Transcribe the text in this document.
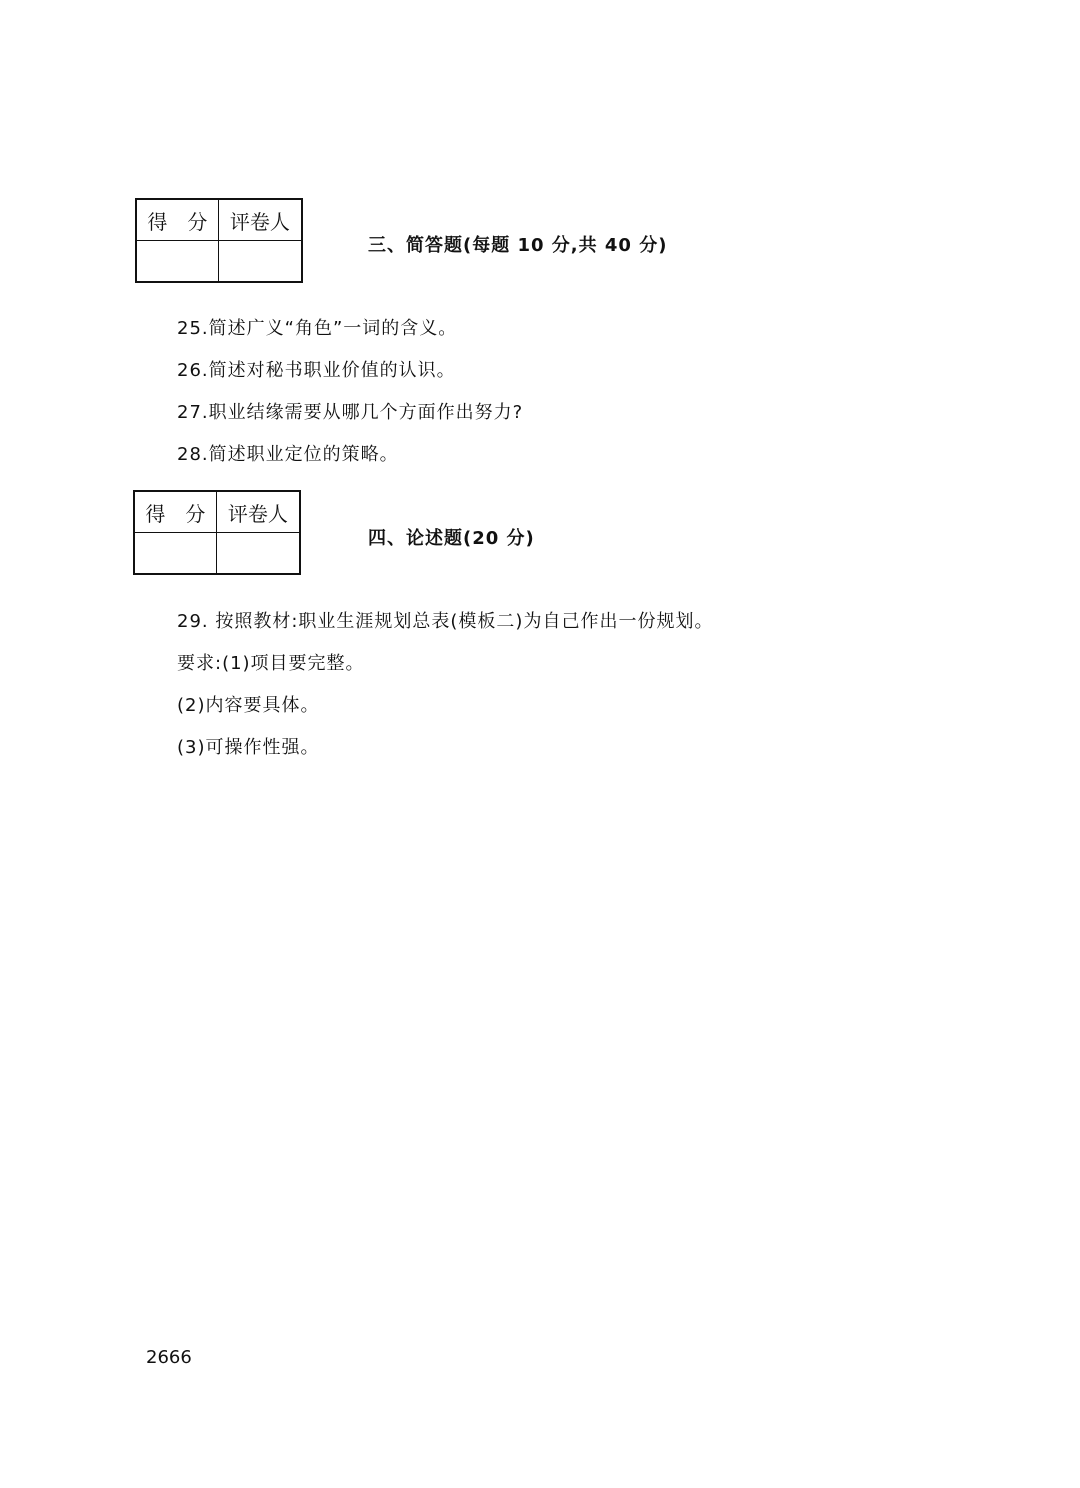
得　分	评卷人

三、简答题(每题 10 分,共 40 分)
25.简述广义“角色”一词的含义。
26.简述对秘书职业价值的认识。
27.职业结缘需要从哪几个方面作出努力?
28.简述职业定位的策略。
得　分	评卷人

四、论述题(20 分)
29. 按照教材:职业生涯规划总表(模板二)为自己作出一份规划。
要求:(1)项目要完整。
(2)内容要具体。
(3)可操作性强。
2666
